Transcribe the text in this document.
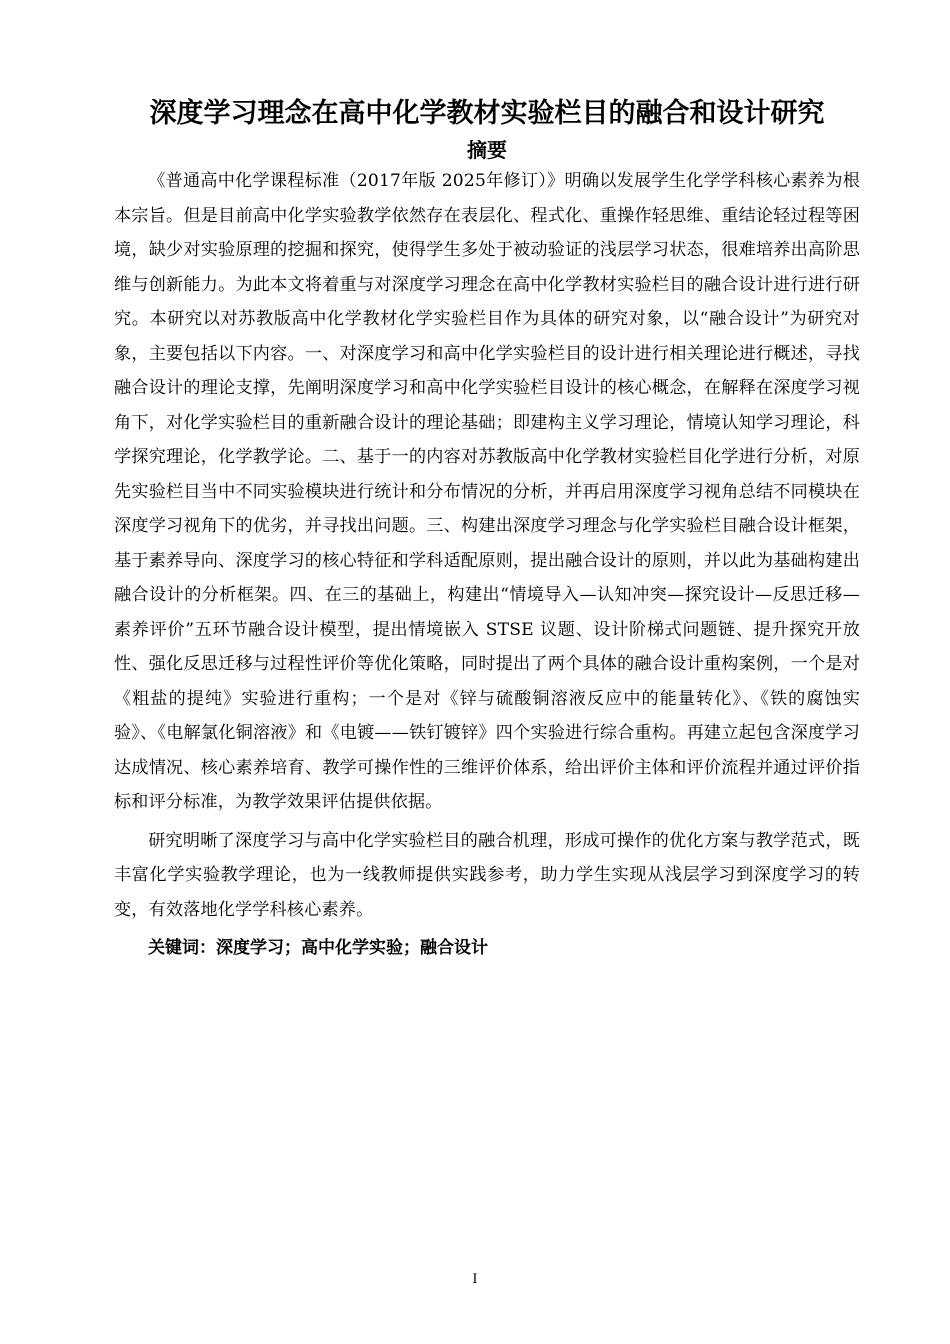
深度学习理念在高中化学教材实验栏目的融合和设计研究
摘要

《普通高中化学课程标准（2017年版 2025年修订）》明确以发展学生化学学科核心素养为根本宗旨。但是目前高中化学实验教学依然存在表层化、程式化、重操作轻思维、重结论轻过程等困境，缺少对实验原理的挖掘和探究，使得学生多处于被动验证的浅层学习状态，很难培养出高阶思维与创新能力。为此本文将着重与对深度学习理念在高中化学教材实验栏目的融合设计进行进行研究。本研究以对苏教版高中化学教材化学实验栏目作为具体的研究对象，以“融合设计”为研究对象，主要包括以下内容。一、对深度学习和高中化学实验栏目的设计进行相关理论进行概述，寻找融合设计的理论支撑，先阐明深度学习和高中化学实验栏目设计的核心概念，在解释在深度学习视角下，对化学实验栏目的重新融合设计的理论基础；即建构主义学习理论，情境认知学习理论，科学探究理论，化学教学论。二、基于一的内容对苏教版高中化学教材实验栏目化学进行分析，对原先实验栏目当中不同实验模块进行统计和分布情况的分析，并再启用深度学习视角总结不同模块在深度学习视角下的优劣，并寻找出问题。三、构建出深度学习理念与化学实验栏目融合设计框架，基于素养导向、深度学习的核心特征和学科适配原则，提出融合设计的原则，并以此为基础构建出融合设计的分析框架。四、在三的基础上，构建出“情境导入—认知冲突—探究设计—反思迁移—素养评价”五环节融合设计模型，提出情境嵌入 STSE 议题、设计阶梯式问题链、提升探究开放性、强化反思迁移与过程性评价等优化策略，同时提出了两个具体的融合设计重构案例，一个是对《粗盐的提纯》实验进行重构；一个是对《锌与硫酸铜溶液反应中的能量转化》、《铁的腐蚀实验》、《电解氯化铜溶液》和《电镀——铁钉镀锌》四个实验进行综合重构。再建立起包含深度学习达成情况、核心素养培育、教学可操作性的三维评价体系，给出评价主体和评价流程并通过评价指标和评分标准，为教学效果评估提供依据。

研究明晰了深度学习与高中化学实验栏目的融合机理，形成可操作的优化方案与教学范式，既丰富化学实验教学理论，也为一线教师提供实践参考，助力学生实现从浅层学习到深度学习的转变，有效落地化学学科核心素养。

关键词：深度学习；高中化学实验；融合设计

I
